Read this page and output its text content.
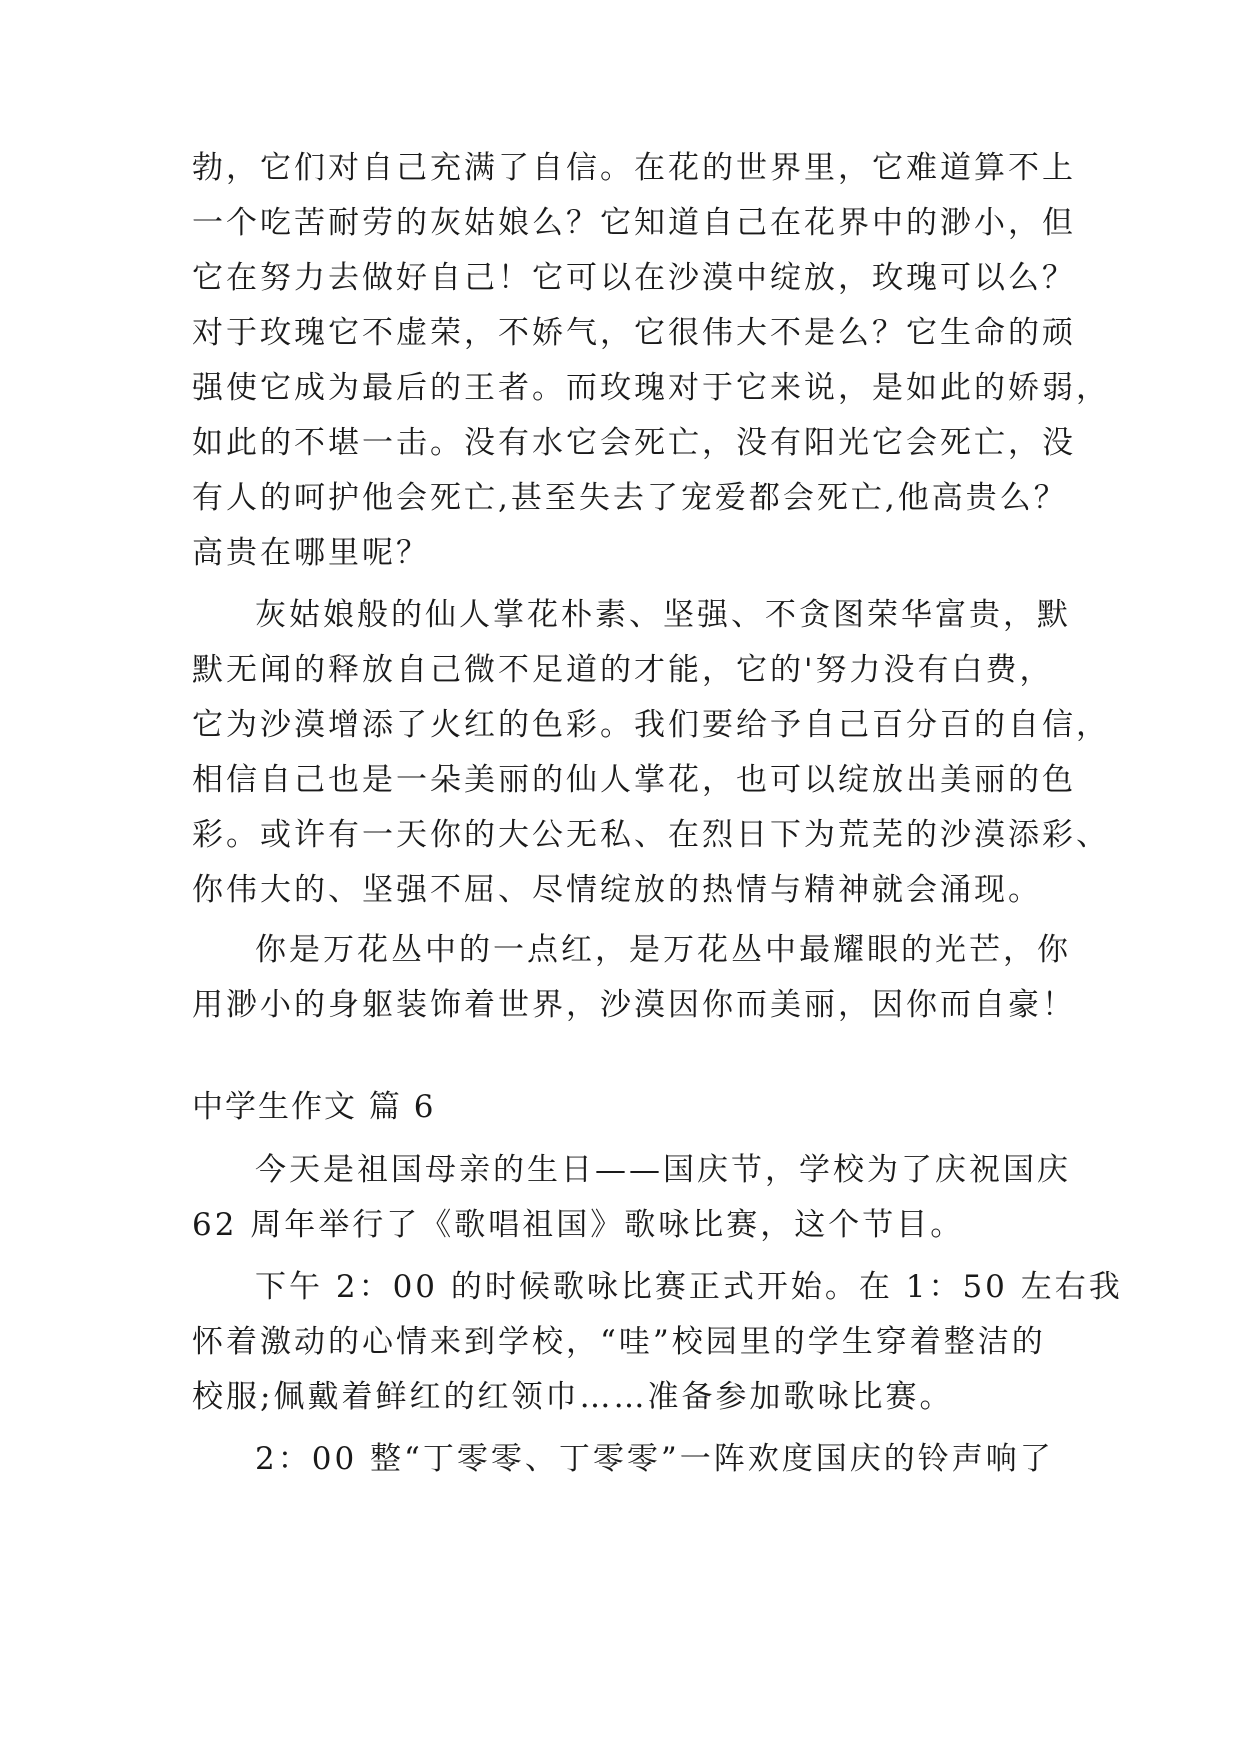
勃，它们对自己充满了自信。在花的世界里，它难道算不上
一个吃苦耐劳的灰姑娘么？它知道自己在花界中的渺小，但
它在努力去做好自己！它可以在沙漠中绽放，玫瑰可以么？
对于玫瑰它不虚荣，不娇气，它很伟大不是么？它生命的顽
强使它成为最后的王者。而玫瑰对于它来说，是如此的娇弱，
如此的不堪一击。没有水它会死亡，没有阳光它会死亡，没
有人的呵护他会死亡,甚至失去了宠爱都会死亡,他高贵么？
高贵在哪里呢？
灰姑娘般的仙人掌花朴素、坚强、不贪图荣华富贵，默
默无闻的释放自己微不足道的才能，它的'努力没有白费，
它为沙漠增添了火红的色彩。我们要给予自己百分百的自信，
相信自己也是一朵美丽的仙人掌花，也可以绽放出美丽的色
彩。或许有一天你的大公无私、在烈日下为荒芜的沙漠添彩、
你伟大的、坚强不屈、尽情绽放的热情与精神就会涌现。
你是万花丛中的一点红，是万花丛中最耀眼的光芒，你
用渺小的身躯装饰着世界，沙漠因你而美丽，因你而自豪！
中学生作文 篇 6
今天是祖国母亲的生日——国庆节，学校为了庆祝国庆
62 周年举行了《歌唱祖国》歌咏比赛，这个节目。
下午 2：00 的时候歌咏比赛正式开始。在 1：50 左右我
怀着激动的心情来到学校，“哇”校园里的学生穿着整洁的
校服;佩戴着鲜红的红领巾……准备参加歌咏比赛。
2：00 整“丁零零、丁零零”一阵欢度国庆的铃声响了
